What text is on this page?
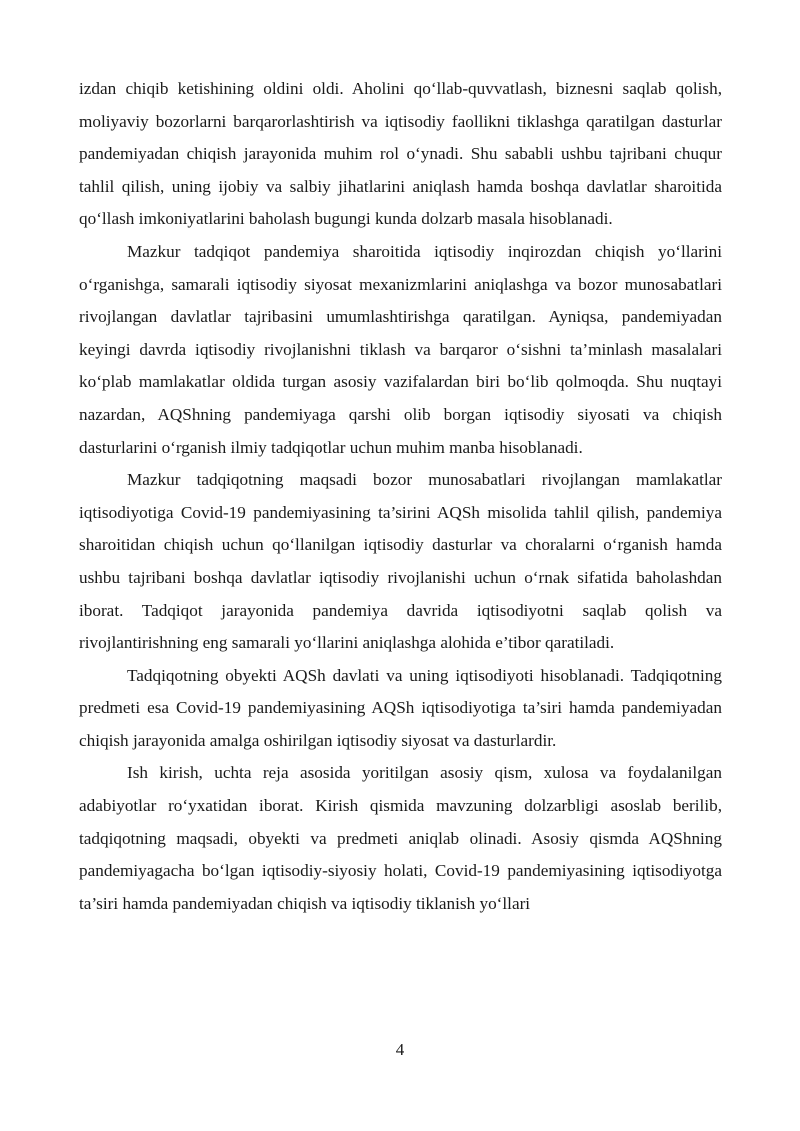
izdan chiqib ketishining oldini oldi. Aholini qo‘llab-quvvatlash, biznesni saqlab qolish, moliyaviy bozorlarni barqarorlashtirish va iqtisodiy faollikni tiklashga qaratilgan dasturlar pandemiyadan chiqish jarayonida muhim rol o‘ynadi. Shu sababli ushbu tajribani chuqur tahlil qilish, uning ijobiy va salbiy jihatlarini aniqlash hamda boshqa davlatlar sharoitida qo‘llash imkoniyatlarini baholash bugungi kunda dolzarb masala hisoblanadi.

Mazkur tadqiqot pandemiya sharoitida iqtisodiy inqirozdan chiqish yo‘llarini o‘rganishga, samarali iqtisodiy siyosat mexanizmlarini aniqlashga va bozor munosabatlari rivojlangan davlatlar tajribasini umumlashtirishga qaratilgan. Ayniqsa, pandemiyadan keyingi davrda iqtisodiy rivojlanishni tiklash va barqaror o‘sishni ta’minlash masalalari ko‘plab mamlakatlar oldida turgan asosiy vazifalardan biri bo‘lib qolmoqda. Shu nuqtayi nazardan, AQShning pandemiyaga qarshi olib borgan iqtisodiy siyosati va chiqish dasturlarini o‘rganish ilmiy tadqiqotlar uchun muhim manba hisoblanadi.

Mazkur tadqiqotning maqsadi bozor munosabatlari rivojlangan mamlakatlar iqtisodiyotiga Covid-19 pandemiyasining ta’sirini AQSh misolida tahlil qilish, pandemiya sharoitidan chiqish uchun qo‘llanilgan iqtisodiy dasturlar va choralarni o‘rganish hamda ushbu tajribani boshqa davlatlar iqtisodiy rivojlanishi uchun o‘rnak sifatida baholashdan iborat. Tadqiqot jarayonida pandemiya davrida iqtisodiyotni saqlab qolish va rivojlantirishning eng samarali yo‘llarini aniqlashga alohida e’tibor qaratiladi.

Tadqiqotning obyekti AQSh davlati va uning iqtisodiyoti hisoblanadi. Tadqiqotning predmeti esa Covid-19 pandemiyasining AQSh iqtisodiyotiga ta’siri hamda pandemiyadan chiqish jarayonida amalga oshirilgan iqtisodiy siyosat va dasturlardir.

Ish kirish, uchta reja asosida yoritilgan asosiy qism, xulosa va foydalanilgan adabiyotlar ro‘yxatidan iborat. Kirish qismida mavzuning dolzarbligi asoslab berilib, tadqiqotning maqsadi, obyekti va predmeti aniqlab olinadi. Asosiy qismda AQShning pandemiyagacha bo‘lgan iqtisodiy-siyosiy holati, Covid-19 pandemiyasining iqtisodiyotga ta’siri hamda pandemiyadan chiqish va iqtisodiy tiklanish yo‘llari

4
